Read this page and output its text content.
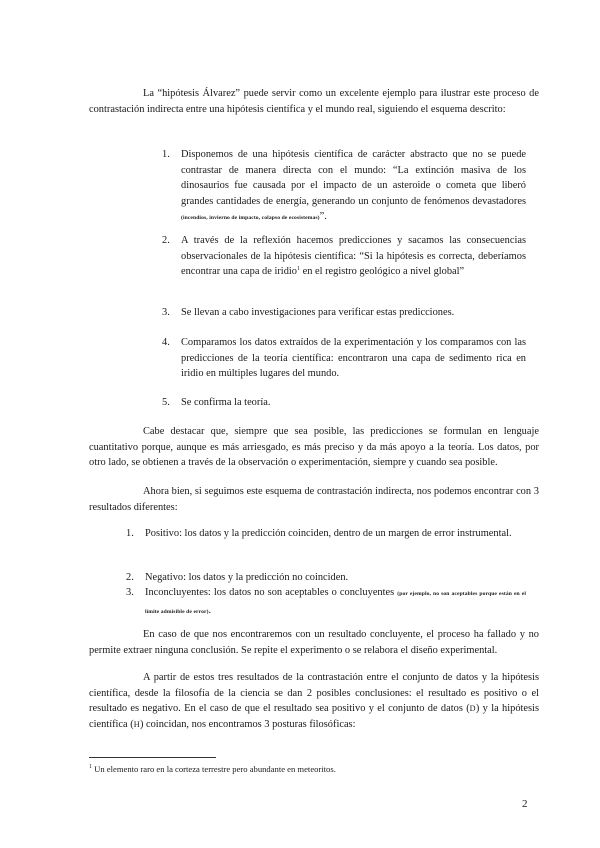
La “hipótesis Álvarez” puede servir como un excelente ejemplo para ilustrar este proceso de contrastación indirecta entre una hipótesis científica y el mundo real, siguiendo el esquema descrito:

1. Disponemos de una hipótesis científica de carácter abstracto que no se puede contrastar de manera directa con el mundo: “La extinción masiva de los dinosaurios fue causada por el impacto de un asteroide o cometa que liberó grandes cantidades de energía, generando un conjunto de fenómenos devastadores (incendios, invierno de impacto, colapso de ecosistemas)”.

2. A través de la reflexión hacemos predicciones y sacamos las consecuencias observacionales de la hipótesis científica: “Si la hipótesis es correcta, deberíamos encontrar una capa de iridio$^1$ en el registro geológico a nivel global”

3. Se llevan a cabo investigaciones para verificar estas predicciones.

4. Comparamos los datos extraídos de la experimentación y los comparamos con las predicciones de la teoría científica: encontraron una capa de sedimento rica en iridio en múltiples lugares del mundo.

5. Se confirma la teoría.

Cabe destacar que, siempre que sea posible, las predicciones se formulan en lenguaje cuantitativo porque, aunque es más arriesgado, es más preciso y da más apoyo a la teoría. Los datos, por otro lado, se obtienen a través de la observación o experimentación, siempre y cuando sea posible.

Ahora bien, si seguimos este esquema de contrastación indirecta, nos podemos encontrar con 3 resultados diferentes:

1. Positivo: los datos y la predicción coinciden, dentro de un margen de error instrumental.

2. Negativo: los datos y la predicción no coinciden.

3. Inconcluyentes: los datos no son aceptables o concluyentes (por ejemplo, no son aceptables porque están en el límite admisible de error).

En caso de que nos encontraremos con un resultado concluyente, el proceso ha fallado y no permite extraer ninguna conclusión. Se repite el experimento o se relabora el diseño experimental.

A partir de estos tres resultados de la contrastación entre el conjunto de datos y la hipótesis científica, desde la filosofía de la ciencia se dan 2 posibles conclusiones: el resultado es positivo o el resultado es negativo. En el caso de que el resultado sea positivo y el conjunto de datos (D) y la hipótesis científica (H) coincidan, nos encontramos 3 posturas filosóficas:

$^1$ Un elemento raro en la corteza terrestre pero abundante en meteoritos.
2
